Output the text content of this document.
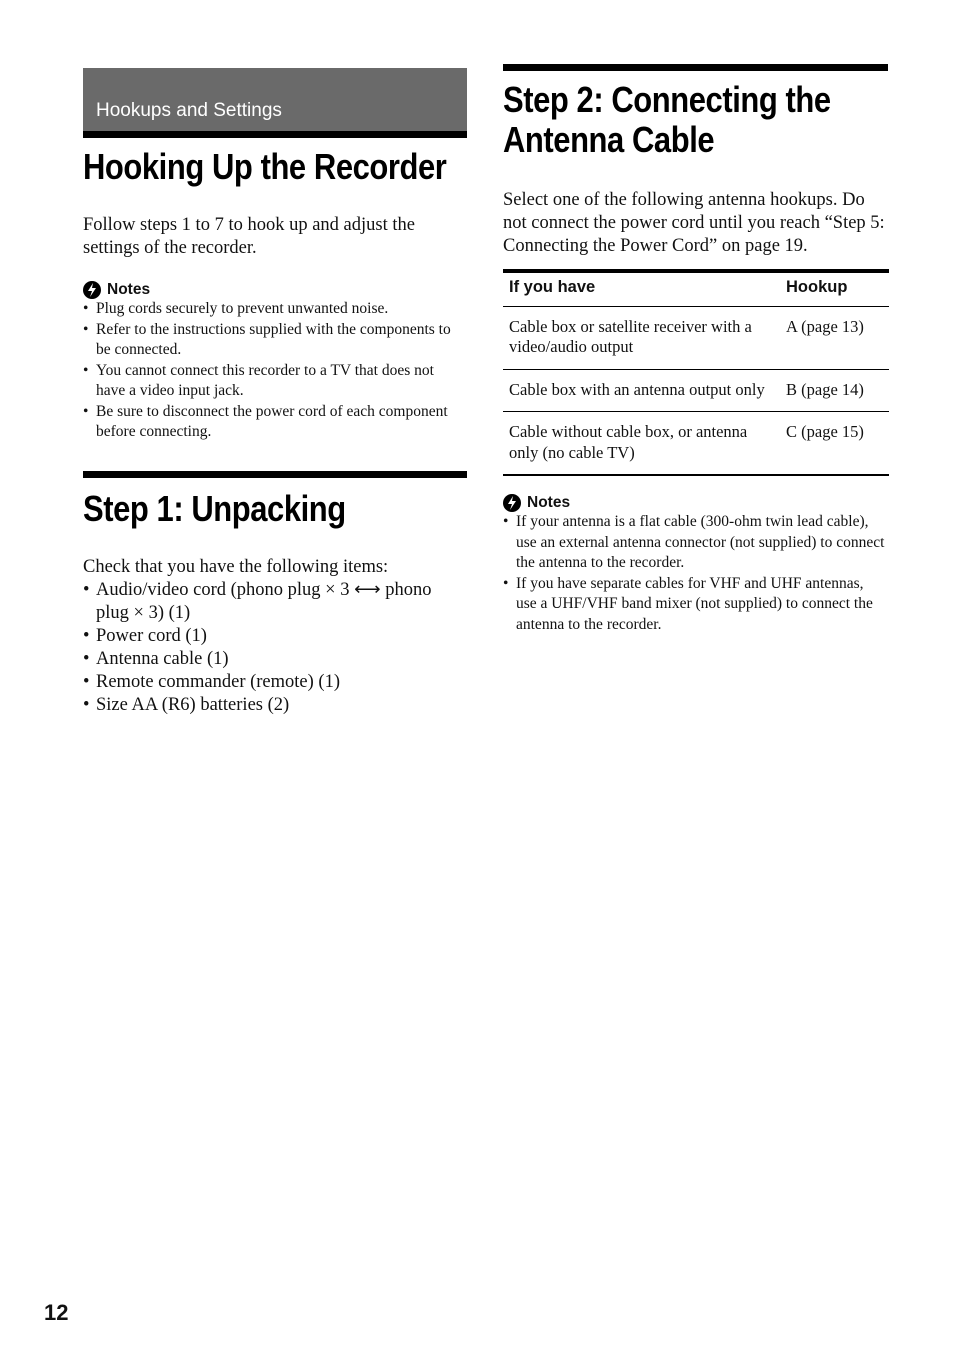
Hookups and Settings
Hooking Up the Recorder

Follow steps 1 to 7 to hook up and adjust the settings of the recorder.

Notes

• Plug cords securely to prevent unwanted noise.
• Refer to the instructions supplied with the components to be connected.
• You cannot connect this recorder to a TV that does not have a video input jack.
• Be sure to disconnect the power cord of each component before connecting.
Step 1: Unpacking

Check that you have the following items:

• Audio/video cord (phono plug × 3 ⟷ phono plug × 3) (1)
• Power cord (1)
• Antenna cable (1)
• Remote commander (remote) (1)
• Size AA (R6) batteries (2)
Step 2: Connecting the Antenna Cable

Select one of the following antenna hookups. Do not connect the power cord until you reach “Step 5: Connecting the Power Cord” on page 19.

If you have	Hookup
Cable box or satellite receiver with a video/audio output	A (page 13)
Cable box with an antenna output only	B (page 14)
Cable without cable box, or antenna only (no cable TV)	C (page 15)

Notes

• If your antenna is a flat cable (300-ohm twin lead cable), use an external antenna connector (not supplied) to connect the antenna to the recorder.
• If you have separate cables for VHF and UHF antennas, use a UHF/VHF band mixer (not supplied) to connect the antenna to the recorder.
12
